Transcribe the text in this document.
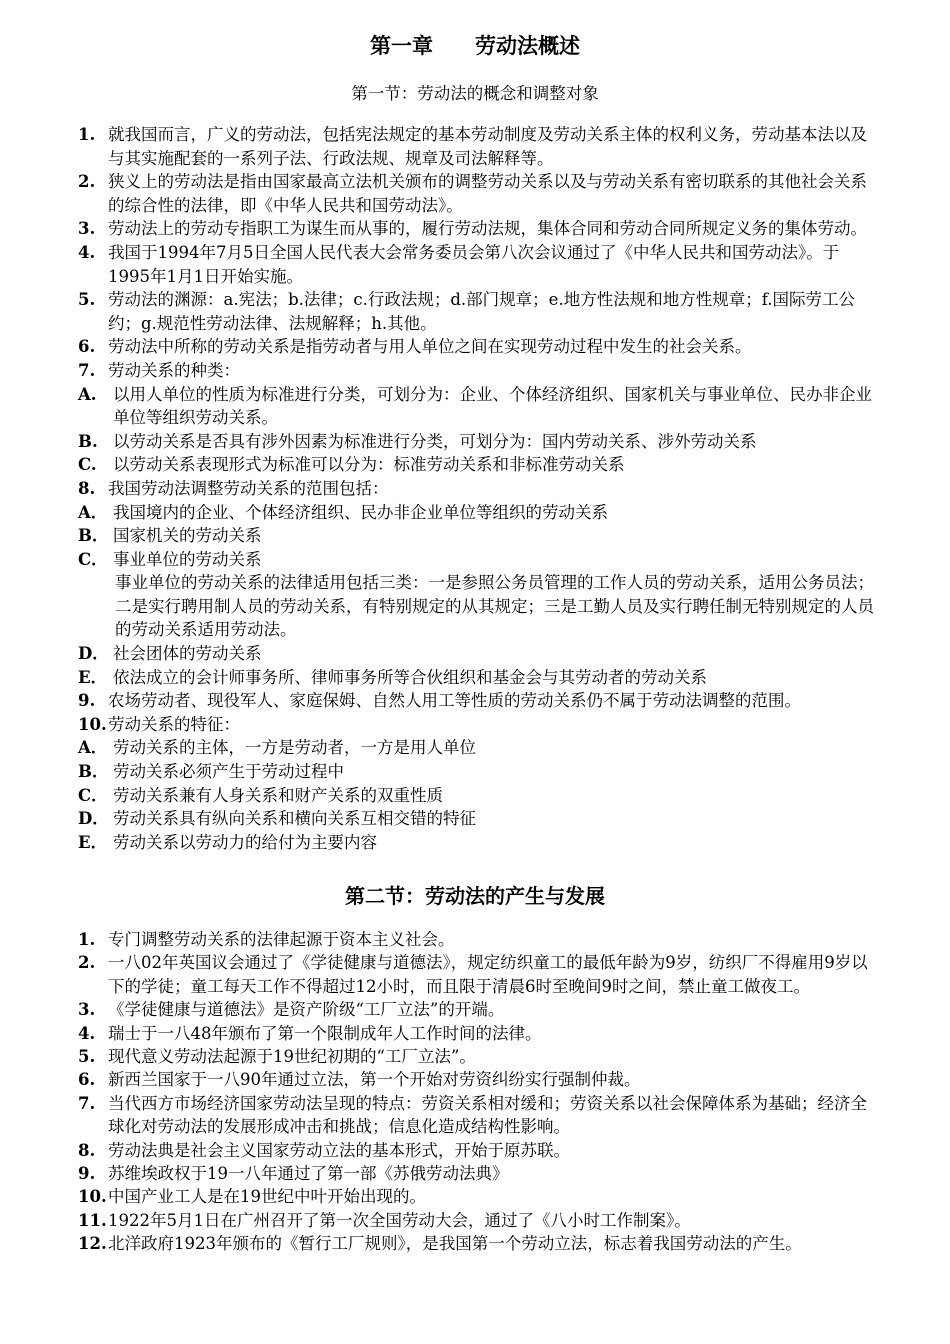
第一章　　劳动法概述
第一节：劳动法的概念和调整对象
1. 就我国而言，广义的劳动法，包括宪法规定的基本劳动制度及劳动关系主体的权利义务，劳动基本法以及与其实施配套的一系列子法、行政法规、规章及司法解释等。
2. 狭义上的劳动法是指由国家最高立法机关颁布的调整劳动关系以及与劳动关系有密切联系的其他社会关系的综合性的法律，即《中华人民共和国劳动法》。
3. 劳动法上的劳动专指职工为谋生而从事的，履行劳动法规，集体合同和劳动合同所规定义务的集体劳动。
4. 我国于1994年7月5日全国人民代表大会常务委员会第八次会议通过了《中华人民共和国劳动法》。于1995年1月1日开始实施。
5. 劳动法的渊源：a.宪法；b.法律；c.行政法规；d.部门规章；e.地方性法规和地方性规章；f.国际劳工公约；g.规范性劳动法律、法规解释；h.其他。
6. 劳动法中所称的劳动关系是指劳动者与用人单位之间在实现劳动过程中发生的社会关系。
7. 劳动关系的种类：
A. 以用人单位的性质为标准进行分类，可划分为：企业、个体经济组织、国家机关与事业单位、民办非企业单位等组织劳动关系。
B. 以劳动关系是否具有涉外因素为标准进行分类，可划分为：国内劳动关系、涉外劳动关系
C. 以劳动关系表现形式为标准可以分为：标准劳动关系和非标准劳动关系
8. 我国劳动法调整劳动关系的范围包括：
A． 我国境内的企业、个体经济组织、民办非企业单位等组织的劳动关系
B． 国家机关的劳动关系
C． 事业单位的劳动关系
事业单位的劳动关系的法律适用包括三类：一是参照公务员管理的工作人员的劳动关系，适用公务员法；二是实行聘用制人员的劳动关系，有特别规定的从其规定；三是工勤人员及实行聘任制无特别规定的人员的劳动关系适用劳动法。
D． 社会团体的劳动关系
E． 依法成立的会计师事务所、律师事务所等合伙组织和基金会与其劳动者的劳动关系
9. 农场劳动者、现役军人、家庭保姆、自然人用工等性质的劳动关系仍不属于劳动法调整的范围。
10. 劳动关系的特征：
A． 劳动关系的主体，一方是劳动者，一方是用人单位
B． 劳动关系必须产生于劳动过程中
C． 劳动关系兼有人身关系和财产关系的双重性质
D． 劳动关系具有纵向关系和横向关系互相交错的特征
E． 劳动关系以劳动力的给付为主要内容
第二节：劳动法的产生与发展
1. 专门调整劳动关系的法律起源于资本主义社会。
2. 一八02年英国议会通过了《学徒健康与道德法》，规定纺织童工的最低年龄为9岁，纺织厂不得雇用9岁以下的学徒；童工每天工作不得超过12小时，而且限于清晨6时至晚间9时之间，禁止童工做夜工。
3. 《学徒健康与道德法》是资产阶级“工厂立法”的开端。
4. 瑞士于一八48年颁布了第一个限制成年人工作时间的法律。
5. 现代意义劳动法起源于19世纪初期的“工厂立法”。
6. 新西兰国家于一八90年通过立法，第一个开始对劳资纠纷实行强制仲裁。
7. 当代西方市场经济国家劳动法呈现的特点：劳资关系相对缓和；劳资关系以社会保障体系为基础；经济全球化对劳动法的发展形成冲击和挑战；信息化造成结构性影响。
8. 劳动法典是社会主义国家劳动立法的基本形式，开始于原苏联。
9. 苏维埃政权于19一八年通过了第一部《苏俄劳动法典》
10. 中国产业工人是在19世纪中叶开始出现的。
11. 1922年5月1日在广州召开了第一次全国劳动大会，通过了《八小时工作制案》。
12. 北洋政府1923年颁布的《暂行工厂规则》，是我国第一个劳动立法，标志着我国劳动法的产生。
